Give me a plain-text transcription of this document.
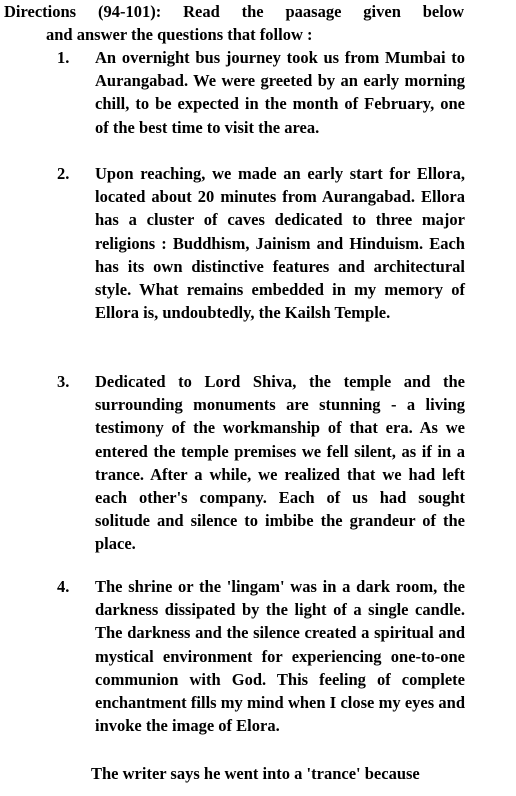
Directions (94-101): Read the paasage given below
and answer the questions that follow :
1.	An overnight bus journey took us from Mumbai to Aurangabad. We were greeted by an early morning chill, to be expected in the month of February, one of the best time to visit the area.
2.	Upon reaching, we made an early start for Ellora, located about 20 minutes from Aurangabad. Ellora has a cluster of caves dedicated to three major religions : Buddhism, Jainism and Hinduism. Each has its own distinctive features and architectural style. What remains embedded in my memory of Ellora is, undoubtedly, the Kailsh Temple.
3.	Dedicated to Lord Shiva, the temple and the surrounding monuments are stunning - a living testimony of the workmanship of that era. As we entered the temple premises we fell silent, as if in a trance. After a while, we realized that we had left each other's company. Each of us had sought solitude and silence to imbibe the grandeur of the place.
4.	The shrine or the 'lingam' was in a dark room, the darkness dissipated by the light of a single candle. The darkness and the silence created a spiritual and mystical environment for experiencing one-to-one communion with God. This feeling of complete enchantment fills my mind when I close my eyes and invoke the image of Elora.
The writer says he went into a 'trance' because
